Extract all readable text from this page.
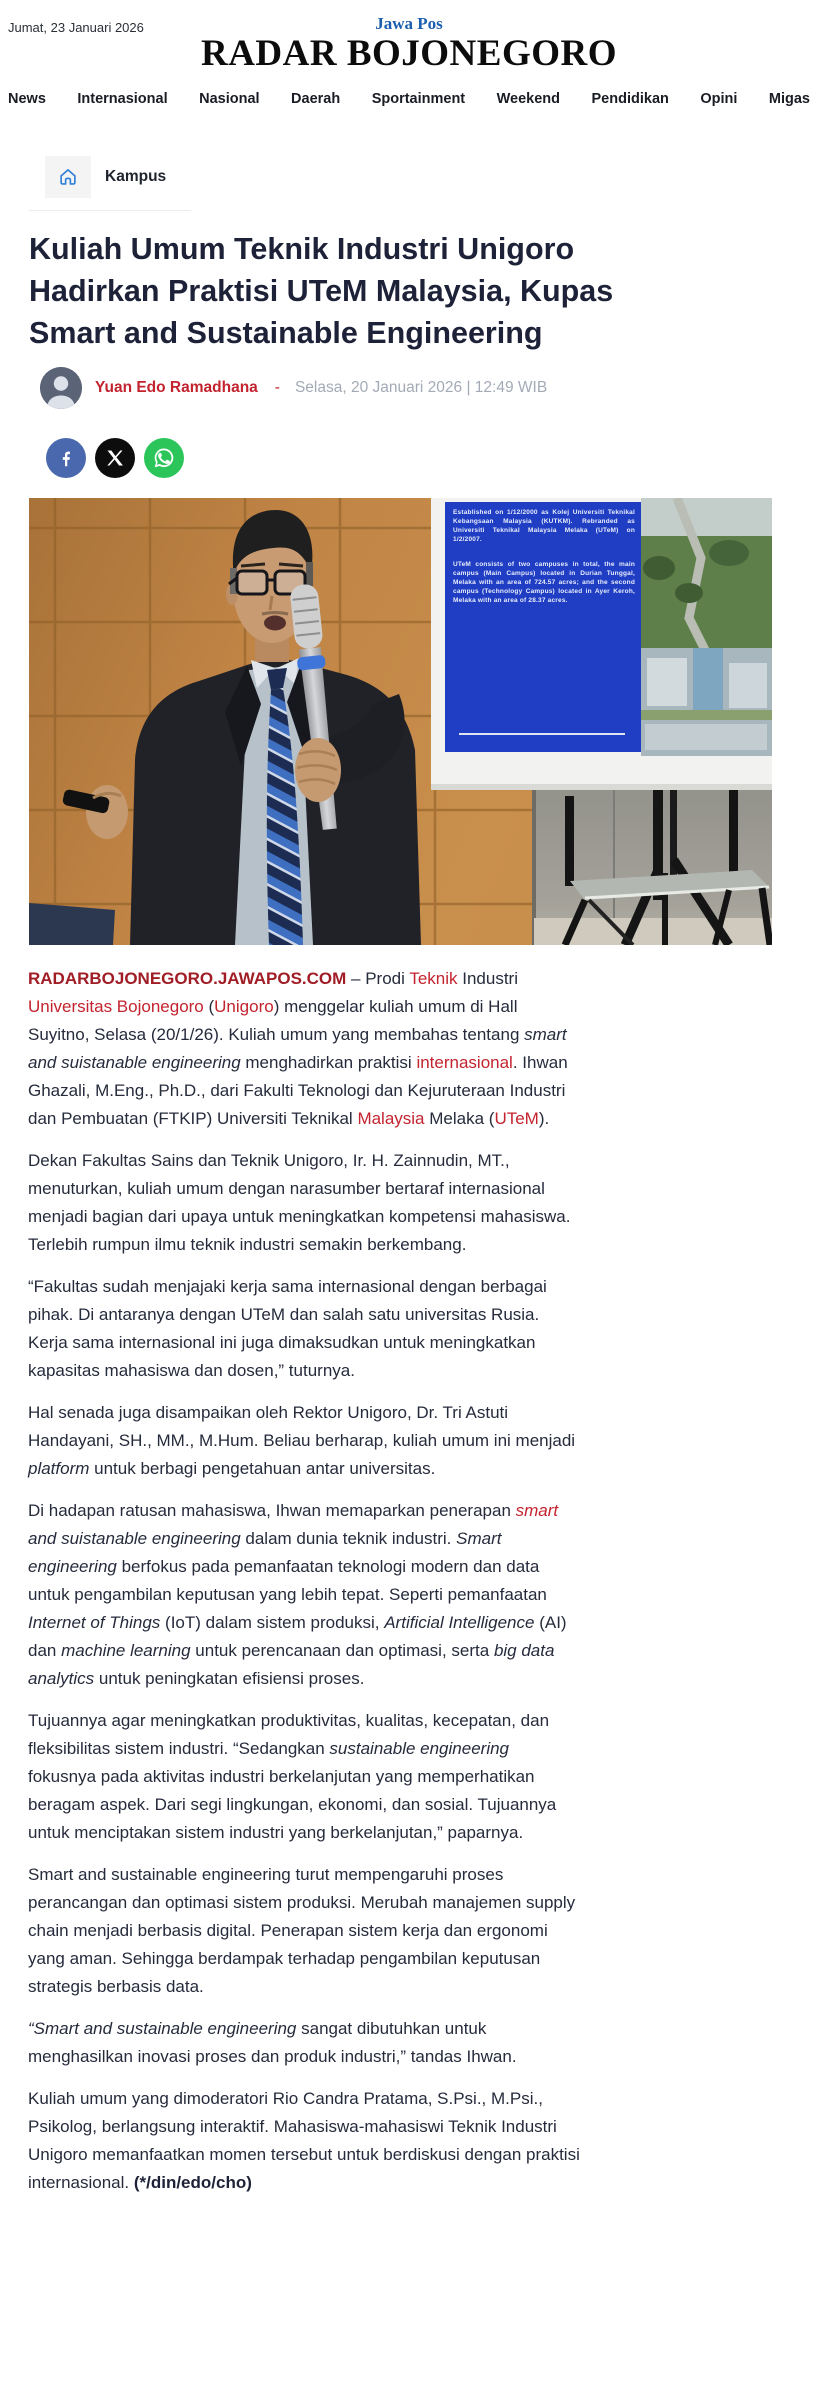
Jumat, 23 Januari 2026	Jawa Pos
RADAR BOJONEGORO
News Internasional Nasional Daerah Sportainment Weekend Pendidikan Opini Migas
Kampus
Kuliah Umum Teknik Industri Unigoro
Hadirkan Praktisi UTeM Malaysia, Kupas
Smart and Sustainable Engineering
Yuan Edo Ramadhana - Selasa, 20 Januari 2026 | 12:49 WIB

Established on 1/12/2000 as Kolej Universiti Teknikal Kebangsaan Malaysia (KUTKM). Rebranded as Universiti Teknikal Malaysia Melaka (UTeM) on 1/2/2007.

UTeM consists of two campuses in total, the main campus (Main Campus) located in Durian Tunggal, Melaka with an area of 724.57 acres; and the second campus (Technology Campus) located in Ayer Keroh, Melaka with an area of 28.37 acres.

RADARBOJONEGORO.JAWAPOS.COM – Prodi Teknik Industri Universitas Bojonegoro (Unigoro) menggelar kuliah umum di Hall Suyitno, Selasa (20/1/26). Kuliah umum yang membahas tentang smart and suistanable engineering menghadirkan praktisi internasional. Ihwan Ghazali, M.Eng., Ph.D., dari Fakulti Teknologi dan Kejuruteraan Industri dan Pembuatan (FTKIP) Universiti Teknikal Malaysia Melaka (UTeM).

Dekan Fakultas Sains dan Teknik Unigoro, Ir. H. Zainnudin, MT., menuturkan, kuliah umum dengan narasumber bertaraf internasional menjadi bagian dari upaya untuk meningkatkan kompetensi mahasiswa. Terlebih rumpun ilmu teknik industri semakin berkembang.

“Fakultas sudah menjajaki kerja sama internasional dengan berbagai pihak. Di antaranya dengan UTeM dan salah satu universitas Rusia. Kerja sama internasional ini juga dimaksudkan untuk meningkatkan kapasitas mahasiswa dan dosen,” tuturnya.

Hal senada juga disampaikan oleh Rektor Unigoro, Dr. Tri Astuti Handayani, SH., MM., M.Hum. Beliau berharap, kuliah umum ini menjadi platform untuk berbagi pengetahuan antar universitas.

Di hadapan ratusan mahasiswa, Ihwan memaparkan penerapan smart and suistanable engineering dalam dunia teknik industri. Smart engineering berfokus pada pemanfaatan teknologi modern dan data untuk pengambilan keputusan yang lebih tepat. Seperti pemanfaatan Internet of Things (IoT) dalam sistem produksi, Artificial Intelligence (AI) dan machine learning untuk perencanaan dan optimasi, serta big data analytics untuk peningkatan efisiensi proses.

Tujuannya agar meningkatkan produktivitas, kualitas, kecepatan, dan fleksibilitas sistem industri. “Sedangkan sustainable engineering fokusnya pada aktivitas industri berkelanjutan yang memperhatikan beragam aspek. Dari segi lingkungan, ekonomi, dan sosial. Tujuannya untuk menciptakan sistem industri yang berkelanjutan,” paparnya.

Smart and sustainable engineering turut mempengaruhi proses perancangan dan optimasi sistem produksi. Merubah manajemen supply chain menjadi berbasis digital. Penerapan sistem kerja dan ergonomi yang aman. Sehingga berdampak terhadap pengambilan keputusan strategis berbasis data.

“Smart and sustainable engineering sangat dibutuhkan untuk menghasilkan inovasi proses dan produk industri,” tandas Ihwan.

Kuliah umum yang dimoderatori Rio Candra Pratama, S.Psi., M.Psi., Psikolog, berlangsung interaktif. Mahasiswa-mahasiswi Teknik Industri Unigoro memanfaatkan momen tersebut untuk berdiskusi dengan praktisi internasional. (*/din/edo/cho)
